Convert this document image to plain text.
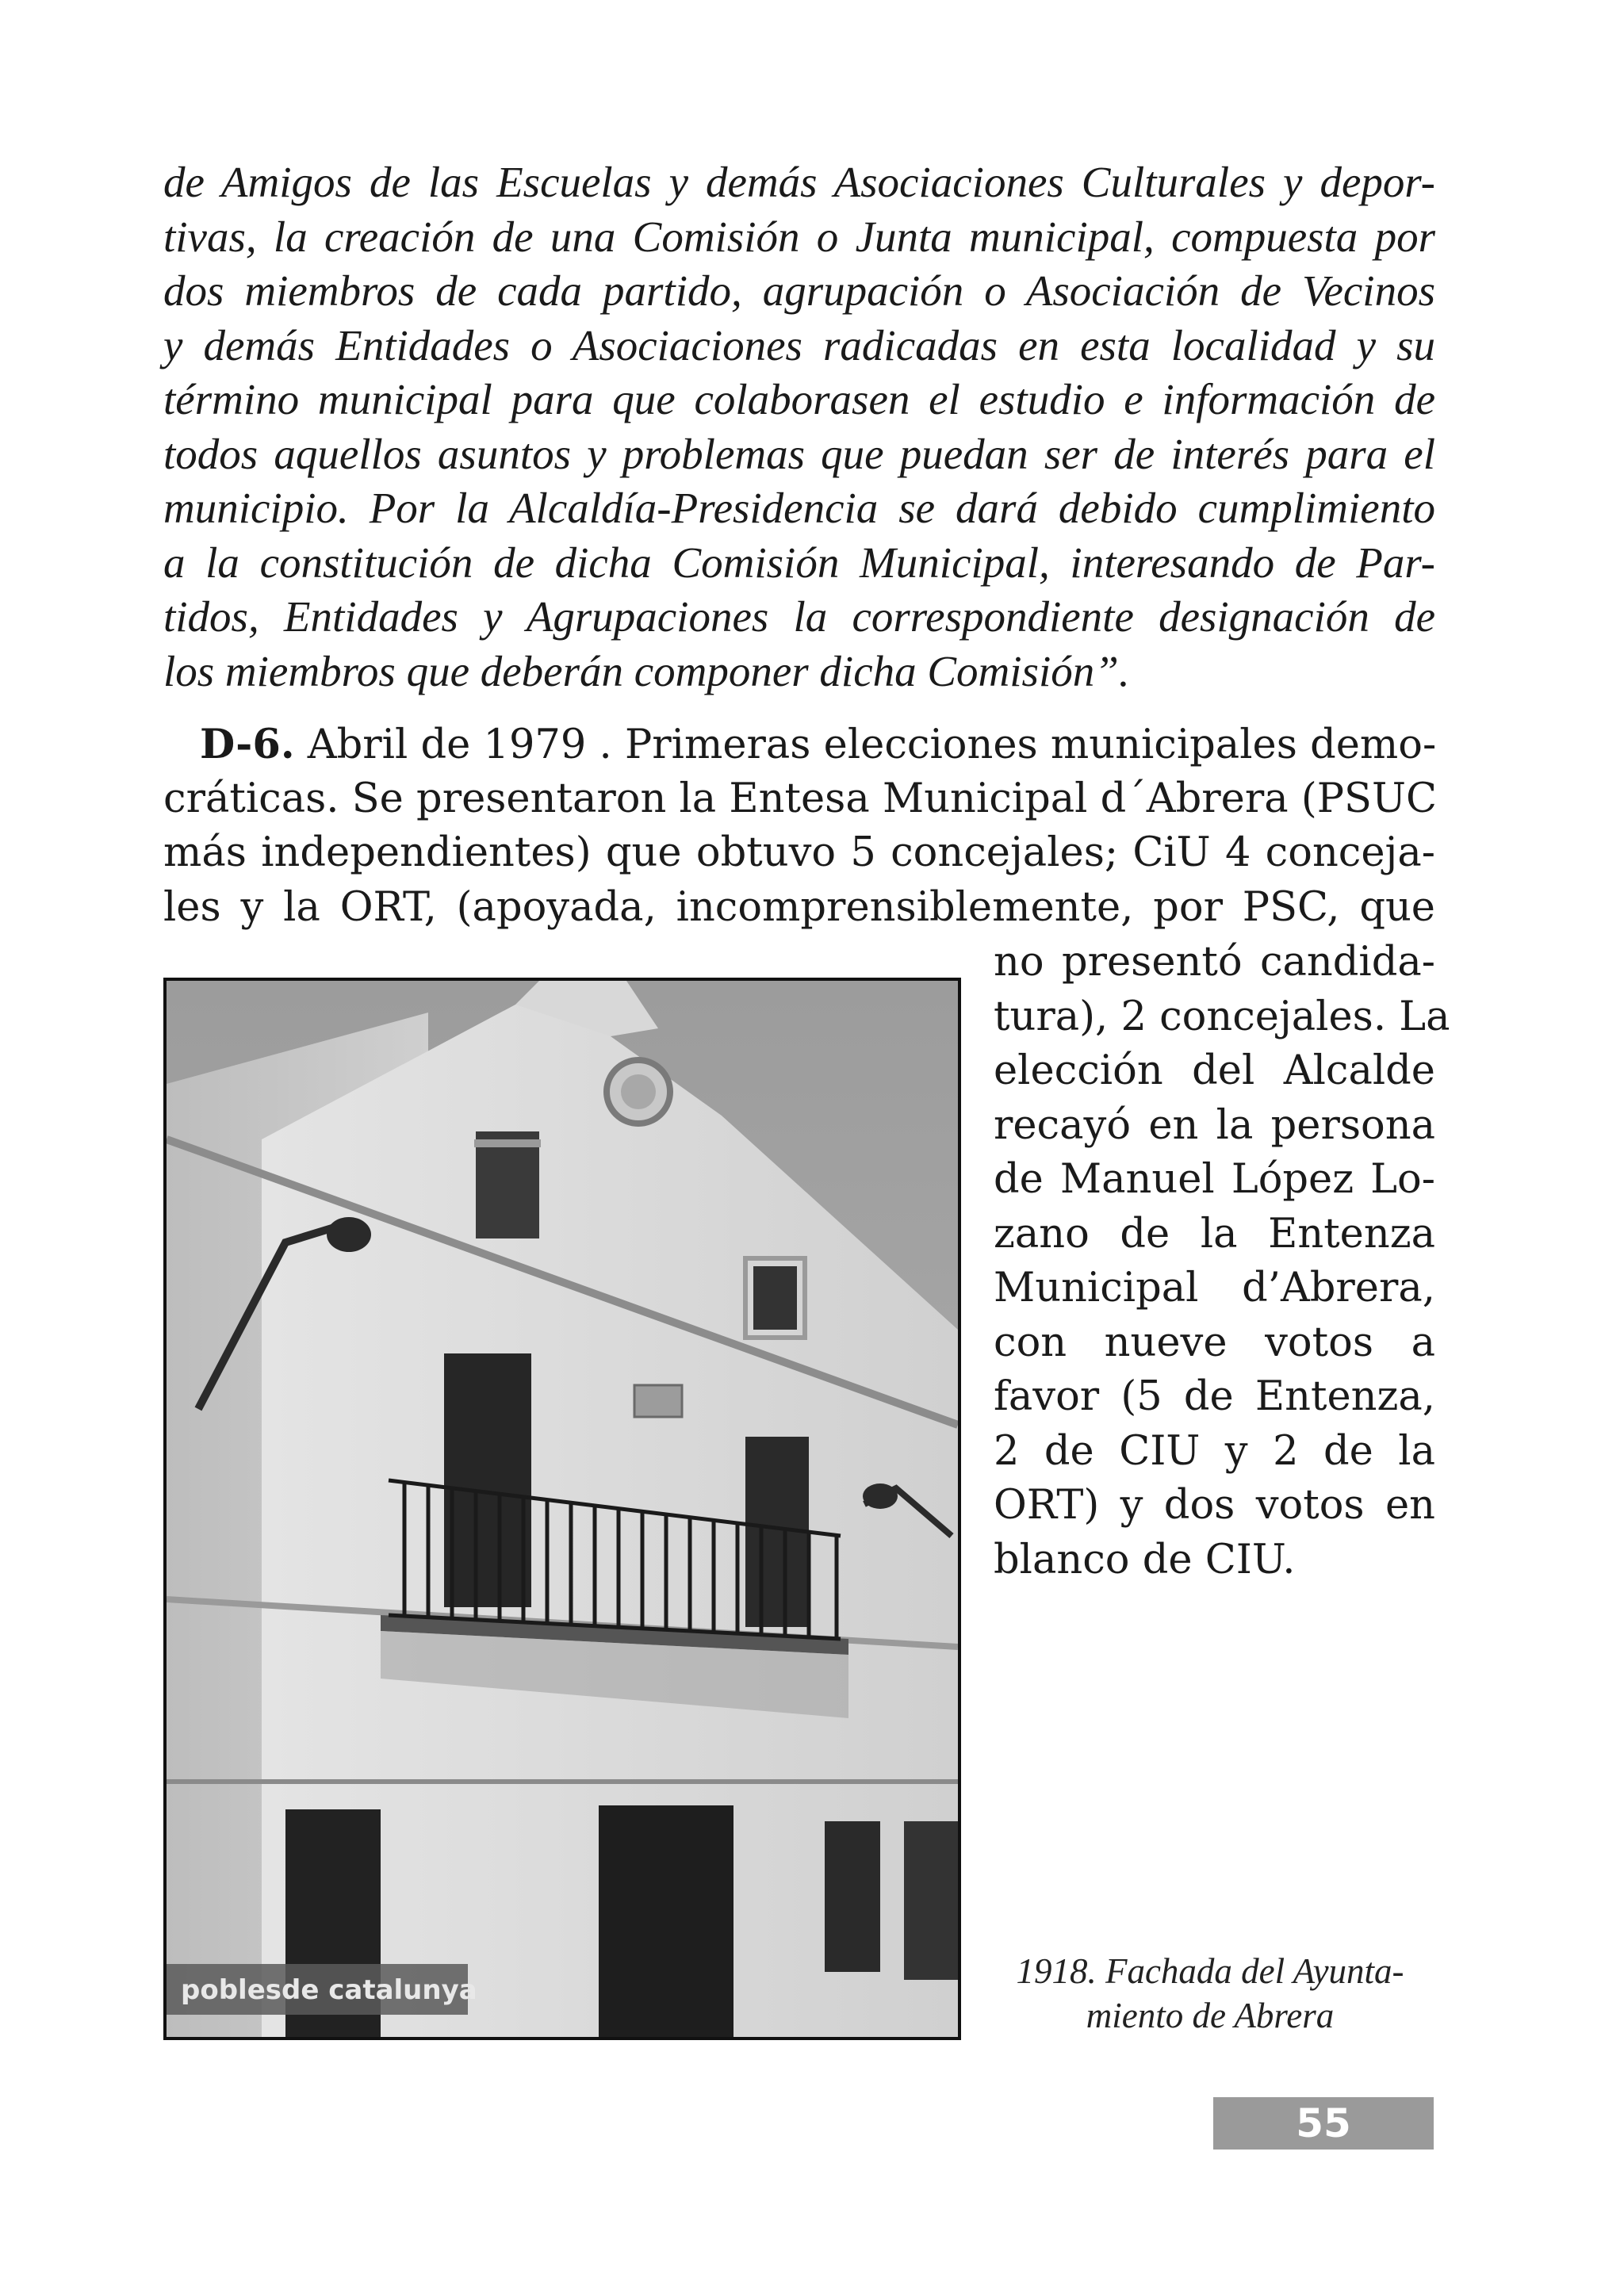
de Amigos de las Escuelas y demás Asociaciones Culturales y depor-
tivas, la creación de una Comisión o Junta municipal, compuesta por
dos miembros de cada partido, agrupación o Asociación de Vecinos
y demás Entidades o Asociaciones radicadas en esta localidad y su
término municipal para que colaborasen el estudio e información de
todos aquellos asuntos y problemas que puedan ser de interés para el
municipio. Por la Alcaldía-Presidencia se dará debido cumplimiento
a la constitución de dicha Comisión Municipal, interesando de Par-
tidos, Entidades y Agrupaciones la correspondiente designación de
los miembros que deberán componer dicha Comisión”.
D-6. Abril de 1979 . Primeras elecciones municipales demo-
cráticas. Se presentaron la Entesa Municipal d´Abrera (PSUC
más independientes) que obtuvo 5 concejales; CiU 4 conceja-
les y la ORT, (apoyada, incomprensiblemente, por PSC, que
no presentó candida-
tura), 2 concejales. La
elección del Alcalde
recayó en la persona
de Manuel López Lo-
zano de la Entenza
Municipal d’Abrera,
con nueve votos a
favor (5 de Entenza,
2 de CIU y 2 de la
ORT) y dos votos en
blanco de CIU.
poblesde catalunya	1918. Fachada del Ayunta-
miento de Abrera
55
